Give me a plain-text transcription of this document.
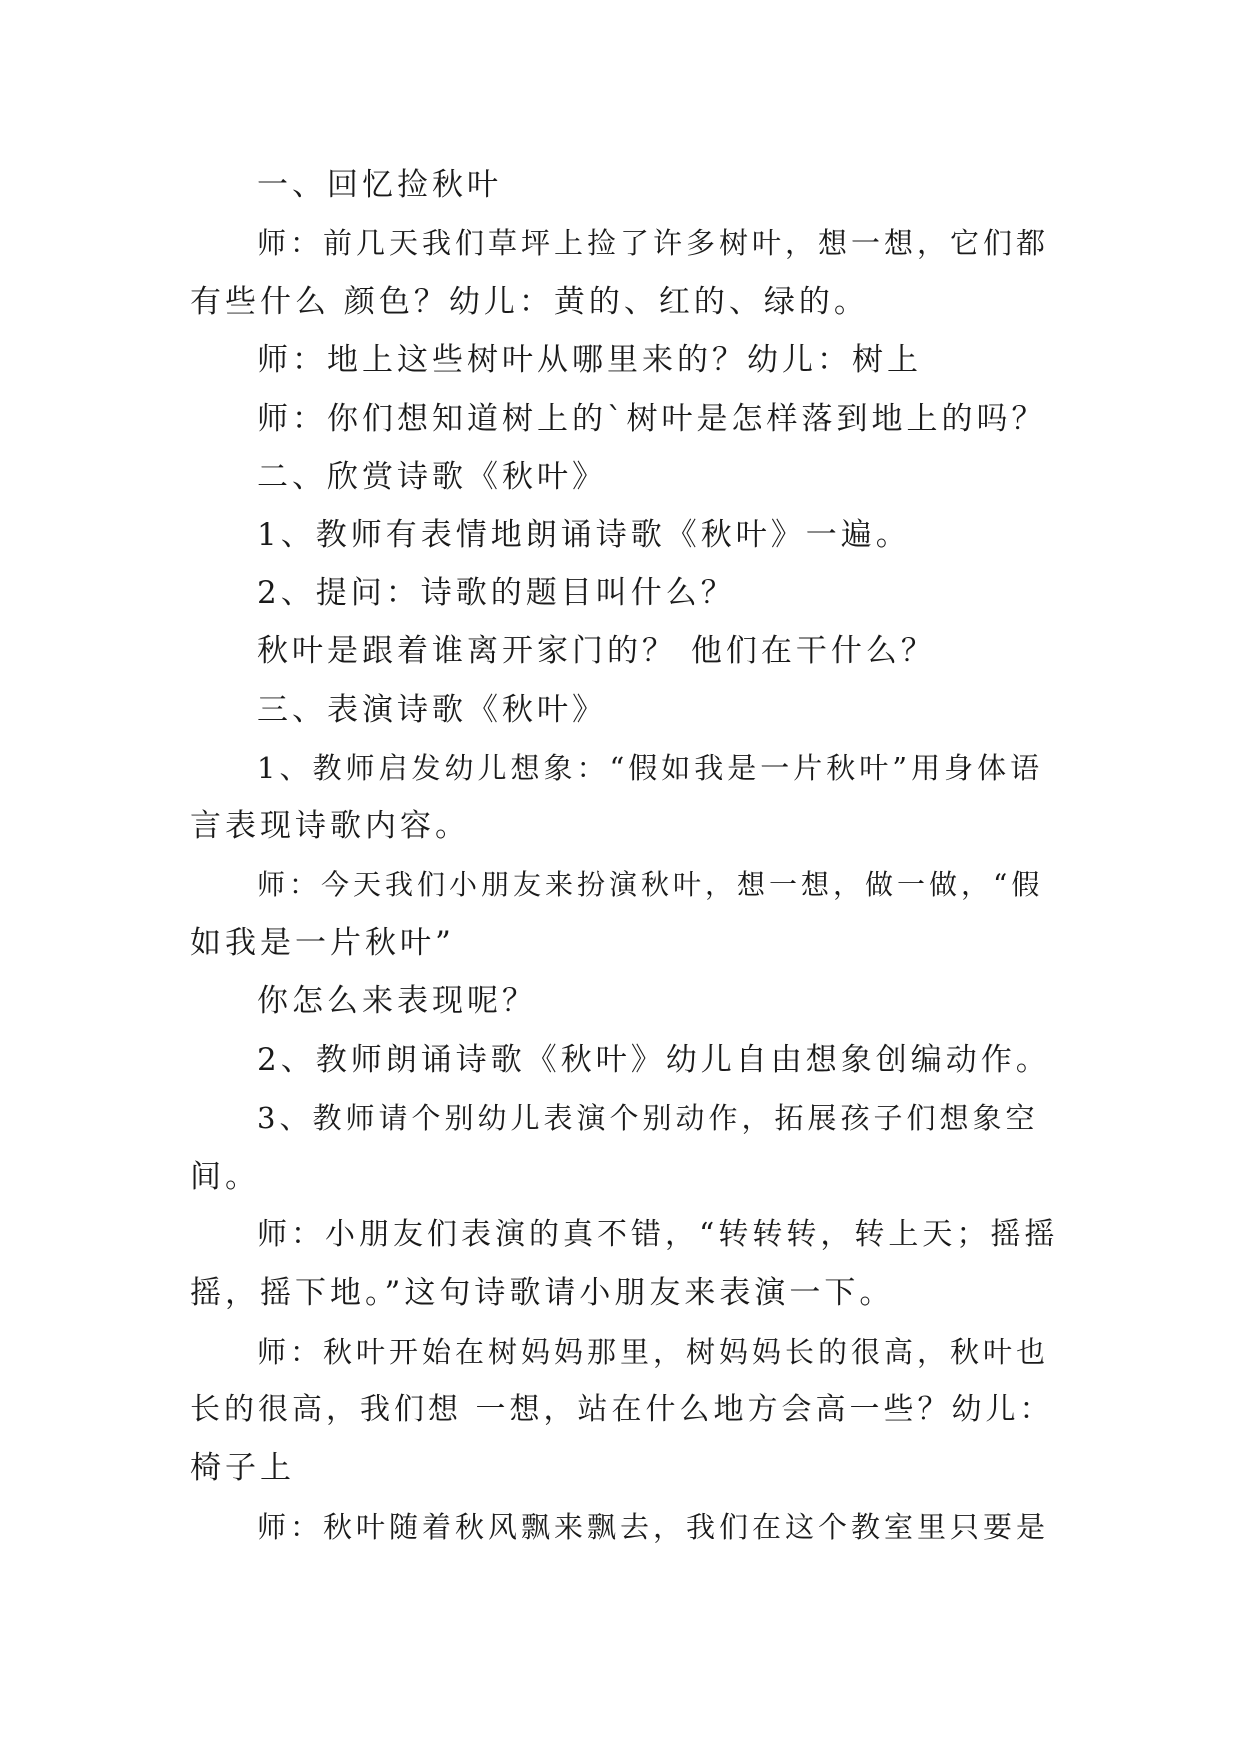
一、回忆捡秋叶
师：前几天我们草坪上捡了许多树叶，想一想，它们都
有些什么 颜色？幼儿：黄的、红的、绿的。
师：地上这些树叶从哪里来的？幼儿：树上
师：你们想知道树上的`树叶是怎样落到地上的吗？
二、欣赏诗歌《秋叶》
1、教师有表情地朗诵诗歌《秋叶》一遍。
2、提问：诗歌的题目叫什么？
秋叶是跟着谁离开家门的？ 他们在干什么？
三、表演诗歌《秋叶》
1、教师启发幼儿想象：“假如我是一片秋叶”用身体语
言表现诗歌内容。
师：今天我们小朋友来扮演秋叶，想一想，做一做，“假
如我是一片秋叶”
你怎么来表现呢？
2、教师朗诵诗歌《秋叶》幼儿自由想象创编动作。
3、教师请个别幼儿表演个别动作，拓展孩子们想象空
间。
师：小朋友们表演的真不错，“转转转，转上天；摇摇
摇，摇下地。”这句诗歌请小朋友来表演一下。
师：秋叶开始在树妈妈那里，树妈妈长的很高，秋叶也
长的很高，我们想 一想，站在什么地方会高一些？幼儿：
椅子上
师：秋叶随着秋风飘来飘去，我们在这个教室里只要是
